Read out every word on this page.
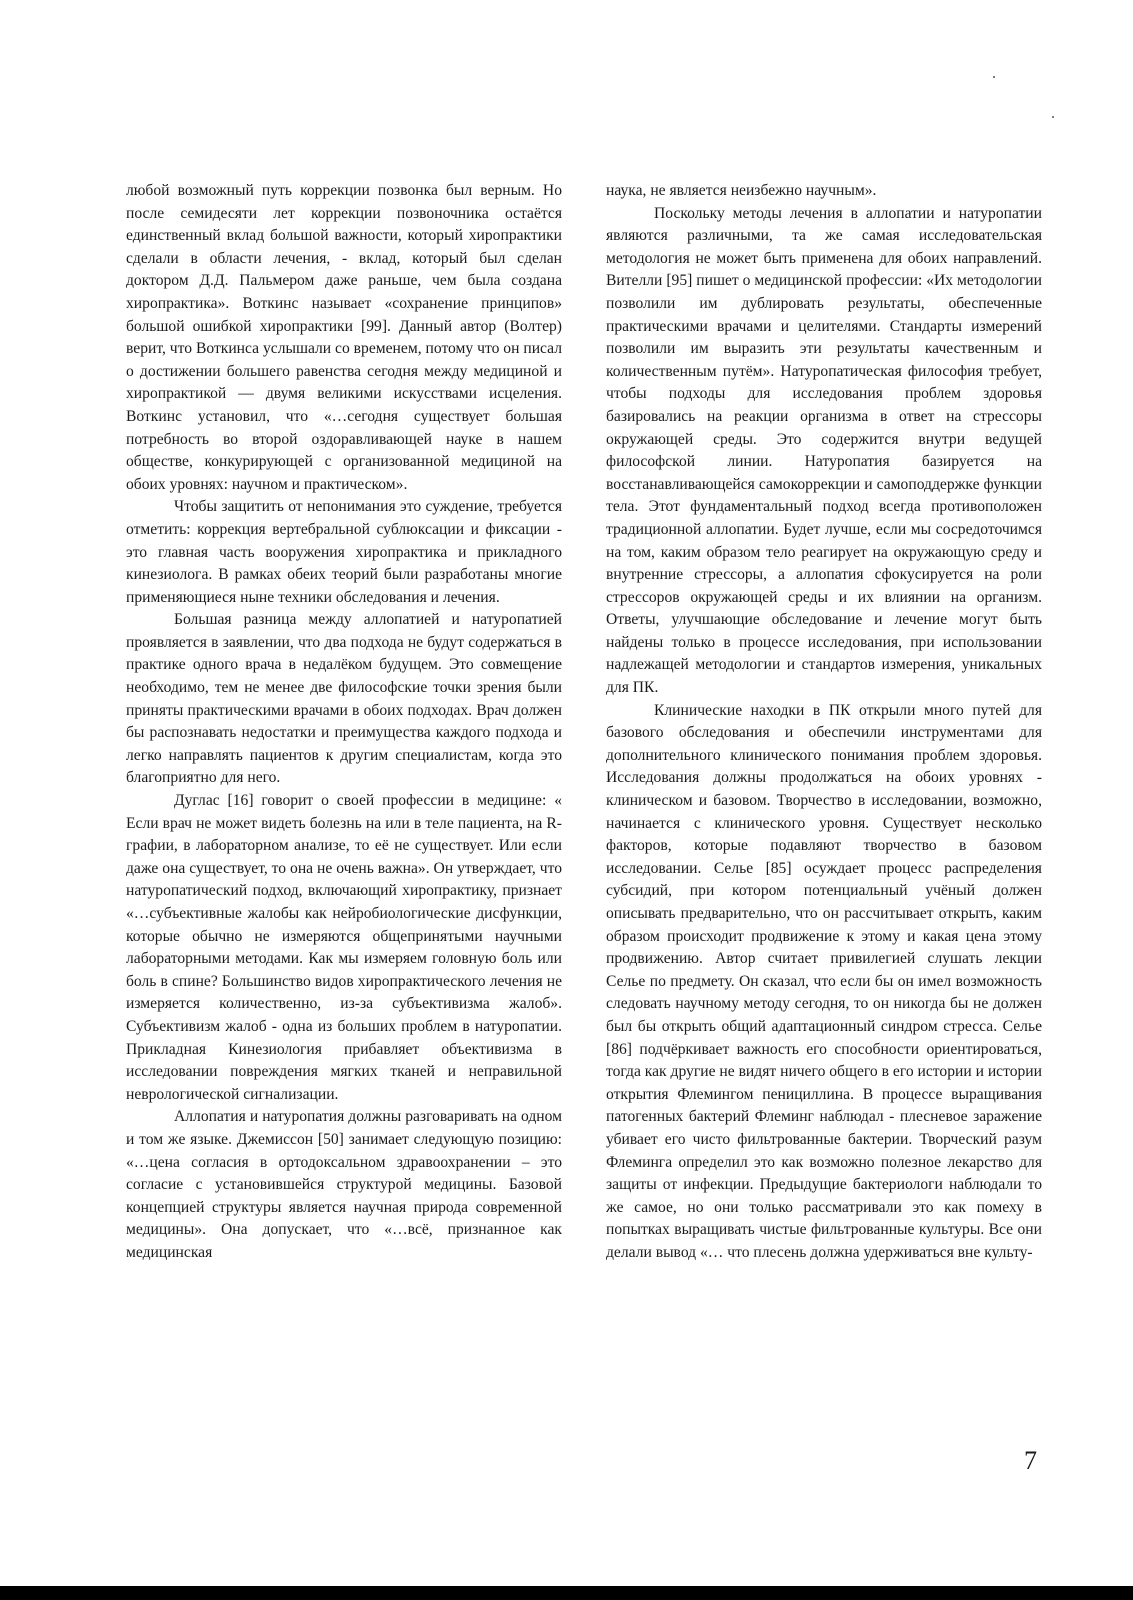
любой возможный путь коррекции позвонка был верным. Но после семидесяти лет коррекции позвоночника остаётся единственный вклад большой важности, который хиропрактики сделали в области лечения, - вклад, который был сделан доктором Д.Д. Пальмером даже раньше, чем была создана хиропрактика». Воткинс называет «сохранение принципов» большой ошибкой хиропрактики [99]. Данный автор (Волтер) верит, что Воткинса услышали со временем, потому что он писал о достижении большего равенства сегодня между медициной и хиропрактикой — двумя великими искусствами исцеления. Воткинс установил, что «…сегодня существует большая потребность во второй оздоравливающей науке в нашем обществе, конкурирующей с организованной медициной на обоих уровнях: научном и практическом».

Чтобы защитить от непонимания это суждение, требуется отметить: коррекция вертебральной сублюксации и фиксации - это главная часть вооружения хиропрактика и прикладного кинезиолога. В рамках обеих теорий были разработаны многие применяющиеся ныне техники обследования и лечения.

Большая разница между аллопатией и натуропатией проявляется в заявлении, что два подхода не будут содержаться в практике одного врача в недалёком будущем. Это совмещение необходимо, тем не менее две философские точки зрения были приняты практическими врачами в обоих подходах. Врач должен бы распознавать недостатки и преимущества каждого подхода и легко направлять пациентов к другим специалистам, когда это благоприятно для него.

Дуглас [16] говорит о своей профессии в медицине: « Если врач не может видеть болезнь на или в теле пациента, на R-графии, в лабораторном анализе, то её не существует. Или если даже она существует, то она не очень важна». Он утверждает, что натуропатический подход, включающий хиропрактику, признает «…субъективные жалобы как нейробиологические дисфункции, которые обычно не измеряются общепринятыми научными лабораторными методами. Как мы измеряем головную боль или боль в спине? Большинство видов хиропрактического лечения не измеряется количественно, из-за субъективизма жалоб». Субъективизм жалоб - одна из больших проблем в натуропатии. Прикладная Кинезиология прибавляет объективизма в исследовании повреждения мягких тканей и неправильной неврологической сигнализации.

Аллопатия и натуропатия должны разговаривать на одном и том же языке. Джемиссон [50] занимает следующую позицию: «…цена согласия в ортодоксальном здравоохранении – это согласие с установившейся структурой медицины. Базовой концепцией структуры является научная природа современной медицины». Она допускает, что «…всё, признанное как медицинская

наука, не является неизбежно научным».

Поскольку методы лечения в аллопатии и натуропатии являются различными, та же самая исследовательская методология не может быть применена для обоих направлений. Вителли [95] пишет о медицинской профессии: «Их методологии позволили им дублировать результаты, обеспеченные практическими врачами и целителями. Стандарты измерений позволили им выразить эти результаты качественным и количественным путём». Натуропатическая философия требует, чтобы подходы для исследования проблем здоровья базировались на реакции организма в ответ на стрессоры окружающей среды. Это содержится внутри ведущей философской линии. Натуропатия базируется на восстанавливающейся самокоррекции и самоподдержке функции тела. Этот фундаментальный подход всегда противоположен традиционной аллопатии. Будет лучше, если мы сосредоточимся на том, каким образом тело реагирует на окружающую среду и внутренние стрессоры, а аллопатия сфокусируется на роли стрессоров окружающей среды и их влиянии на организм. Ответы, улучшающие обследование и лечение могут быть найдены только в процессе исследования, при использовании надлежащей методологии и стандартов измерения, уникальных для ПК.

Клинические находки в ПК открыли много путей для базового обследования и обеспечили инструментами для дополнительного клинического понимания проблем здоровья. Исследования должны продолжаться на обоих уровнях - клиническом и базовом. Творчество в исследовании, возможно, начинается с клинического уровня. Существует несколько факторов, которые подавляют творчество в базовом исследовании. Селье [85] осуждает процесс распределения субсидий, при котором потенциальный учёный должен описывать предварительно, что он рассчитывает открыть, каким образом происходит продвижение к этому и какая цена этому продвижению. Автор считает привилегией слушать лекции Селье по предмету. Он сказал, что если бы он имел возможность следовать научному методу сегодня, то он никогда бы не должен был бы открыть общий адаптационный синдром стресса. Селье [86] подчёркивает важность его способности ориентироваться, тогда как другие не видят ничего общего в его истории и истории открытия Флемингом пенициллина. В процессе выращивания патогенных бактерий Флеминг наблюдал - плесневое заражение убивает его чисто фильтрованные бактерии. Творческий разум Флеминга определил это как возможно полезное лекарство для защиты от инфекции. Предыдущие бактериологи наблюдали то же самое, но они только рассматривали это как помеху в попытках выращивать чистые фильтрованные культуры. Все они делали вывод «… что плесень должна удерживаться вне культу-

7
